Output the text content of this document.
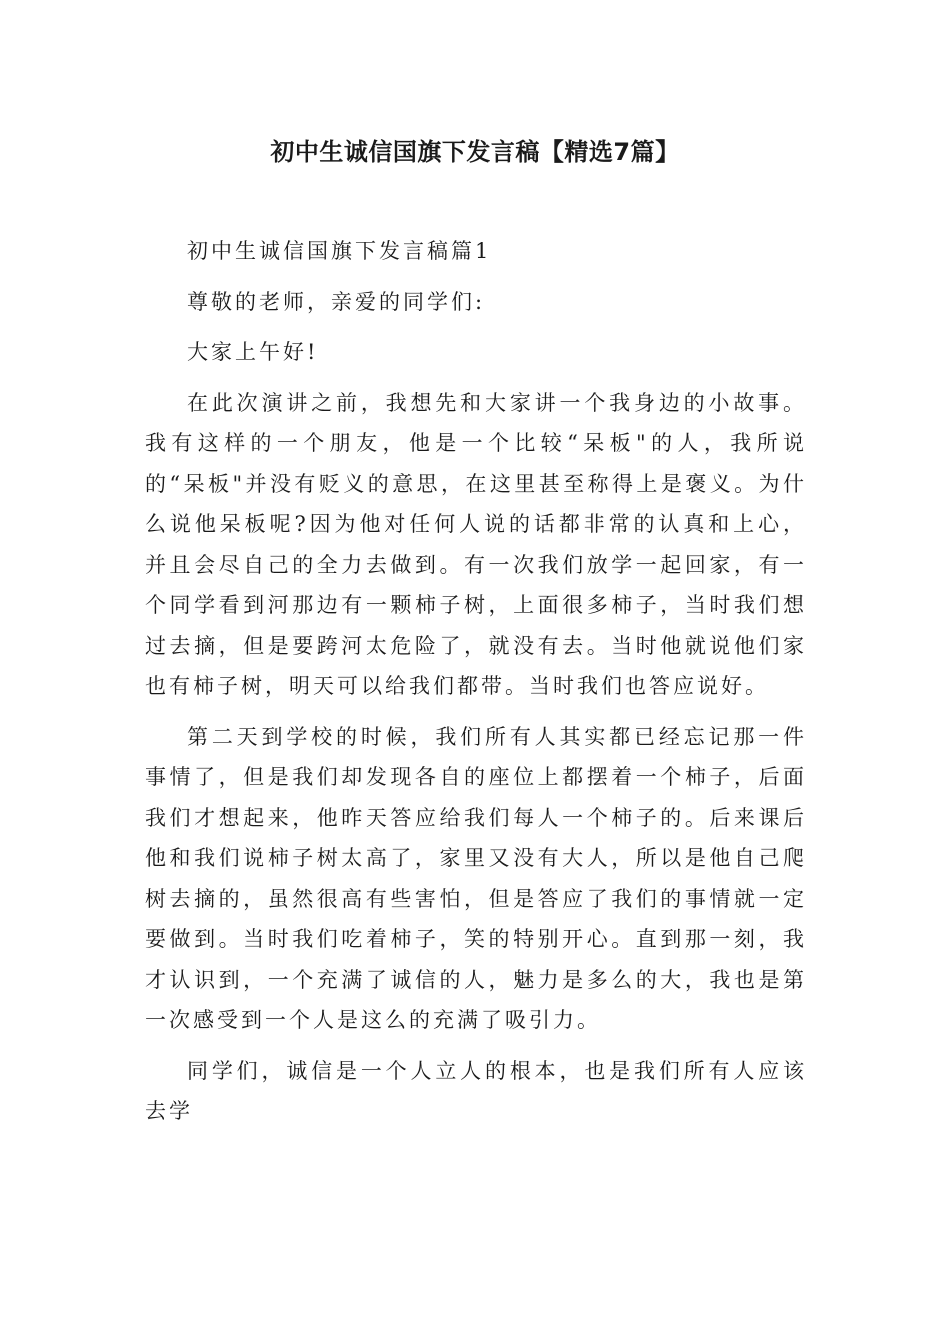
初中生诚信国旗下发言稿【精选7篇】

初中生诚信国旗下发言稿篇1

尊敬的老师，亲爱的同学们:

大家上午好!

在此次演讲之前，我想先和大家讲一个我身边的小故事。我有这样的一个朋友，他是一个比较“呆板"的人，我所说的“呆板"并没有贬义的意思，在这里甚至称得上是褒义。为什么说他呆板呢?因为他对任何人说的话都非常的认真和上心，并且会尽自己的全力去做到。有一次我们放学一起回家，有一个同学看到河那边有一颗柿子树，上面很多柿子，当时我们想过去摘，但是要跨河太危险了，就没有去。当时他就说他们家也有柿子树，明天可以给我们都带。当时我们也答应说好。

第二天到学校的时候，我们所有人其实都已经忘记那一件事情了，但是我们却发现各自的座位上都摆着一个柿子，后面我们才想起来，他昨天答应给我们每人一个柿子的。后来课后他和我们说柿子树太高了，家里又没有大人，所以是他自己爬树去摘的，虽然很高有些害怕，但是答应了我们的事情就一定要做到。当时我们吃着柿子，笑的特别开心。直到那一刻，我才认识到，一个充满了诚信的人，魅力是多么的大，我也是第一次感受到一个人是这么的充满了吸引力。

同学们，诚信是一个人立人的根本，也是我们所有人应该去学
